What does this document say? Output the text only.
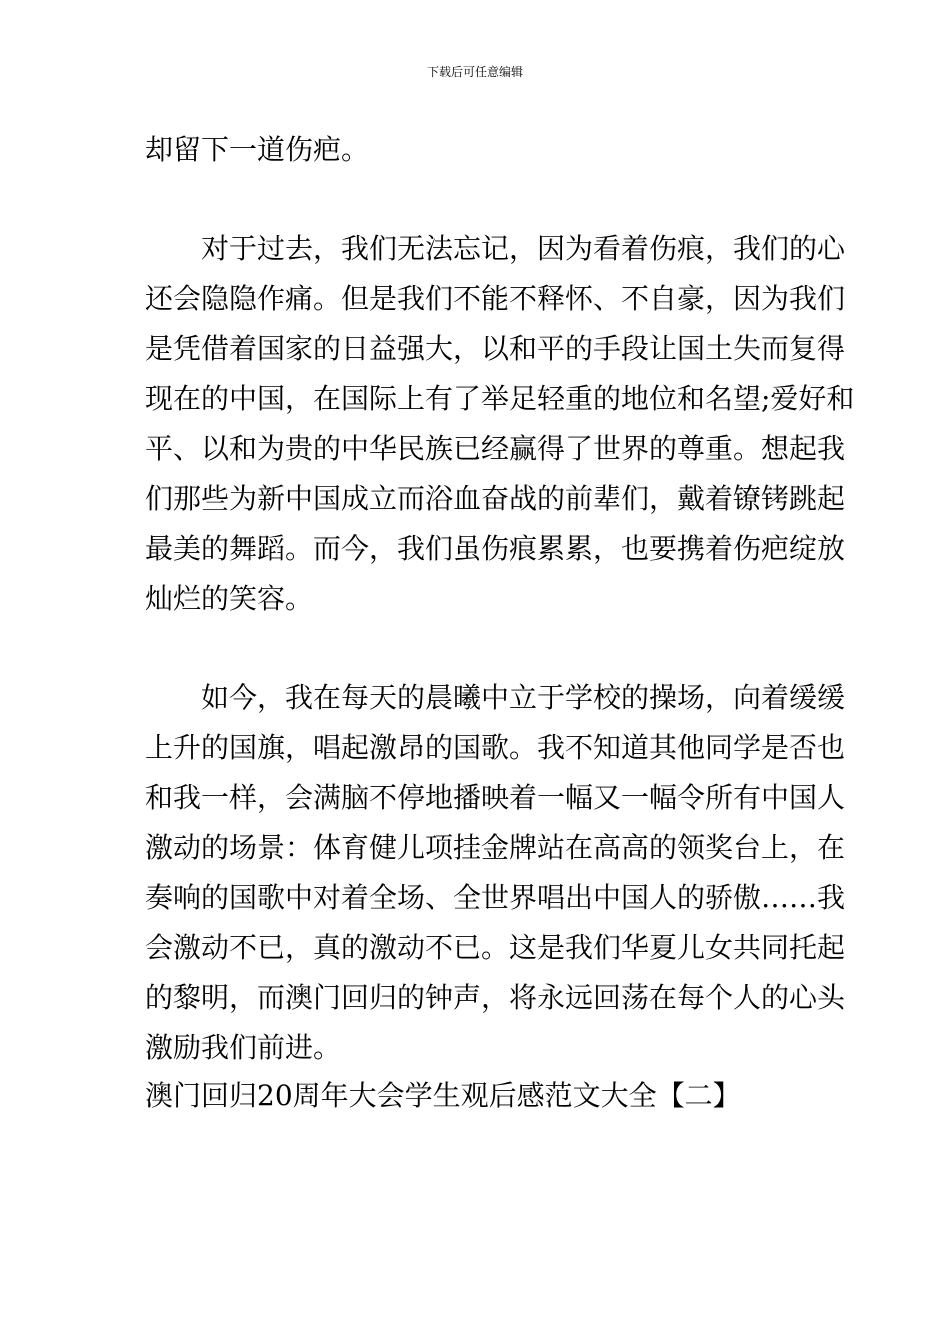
下载后可任意编辑
却留下一道伤疤。
　　对于过去，我们无法忘记，因为看着伤痕，我们的心
还会隐隐作痛。但是我们不能不释怀、不自豪，因为我们
是凭借着国家的日益强大，以和平的手段让国土失而复得
现在的中国，在国际上有了举足轻重的地位和名望;爱好和
平、以和为贵的中华民族已经赢得了世界的尊重。想起我
们那些为新中国成立而浴血奋战的前辈们，戴着镣铐跳起
最美的舞蹈。而今，我们虽伤痕累累，也要携着伤疤绽放
灿烂的笑容。
　　如今，我在每天的晨曦中立于学校的操场，向着缓缓
上升的国旗，唱起激昂的国歌。我不知道其他同学是否也
和我一样，会满脑不停地播映着一幅又一幅令所有中国人
激动的场景：体育健儿项挂金牌站在高高的领奖台上，在
奏响的国歌中对着全场、全世界唱出中国人的骄傲……我
会激动不已，真的激动不已。这是我们华夏儿女共同托起
的黎明，而澳门回归的钟声，将永远回荡在每个人的心头
激励我们前进。
澳门回归20周年大会学生观后感范文大全【二】
